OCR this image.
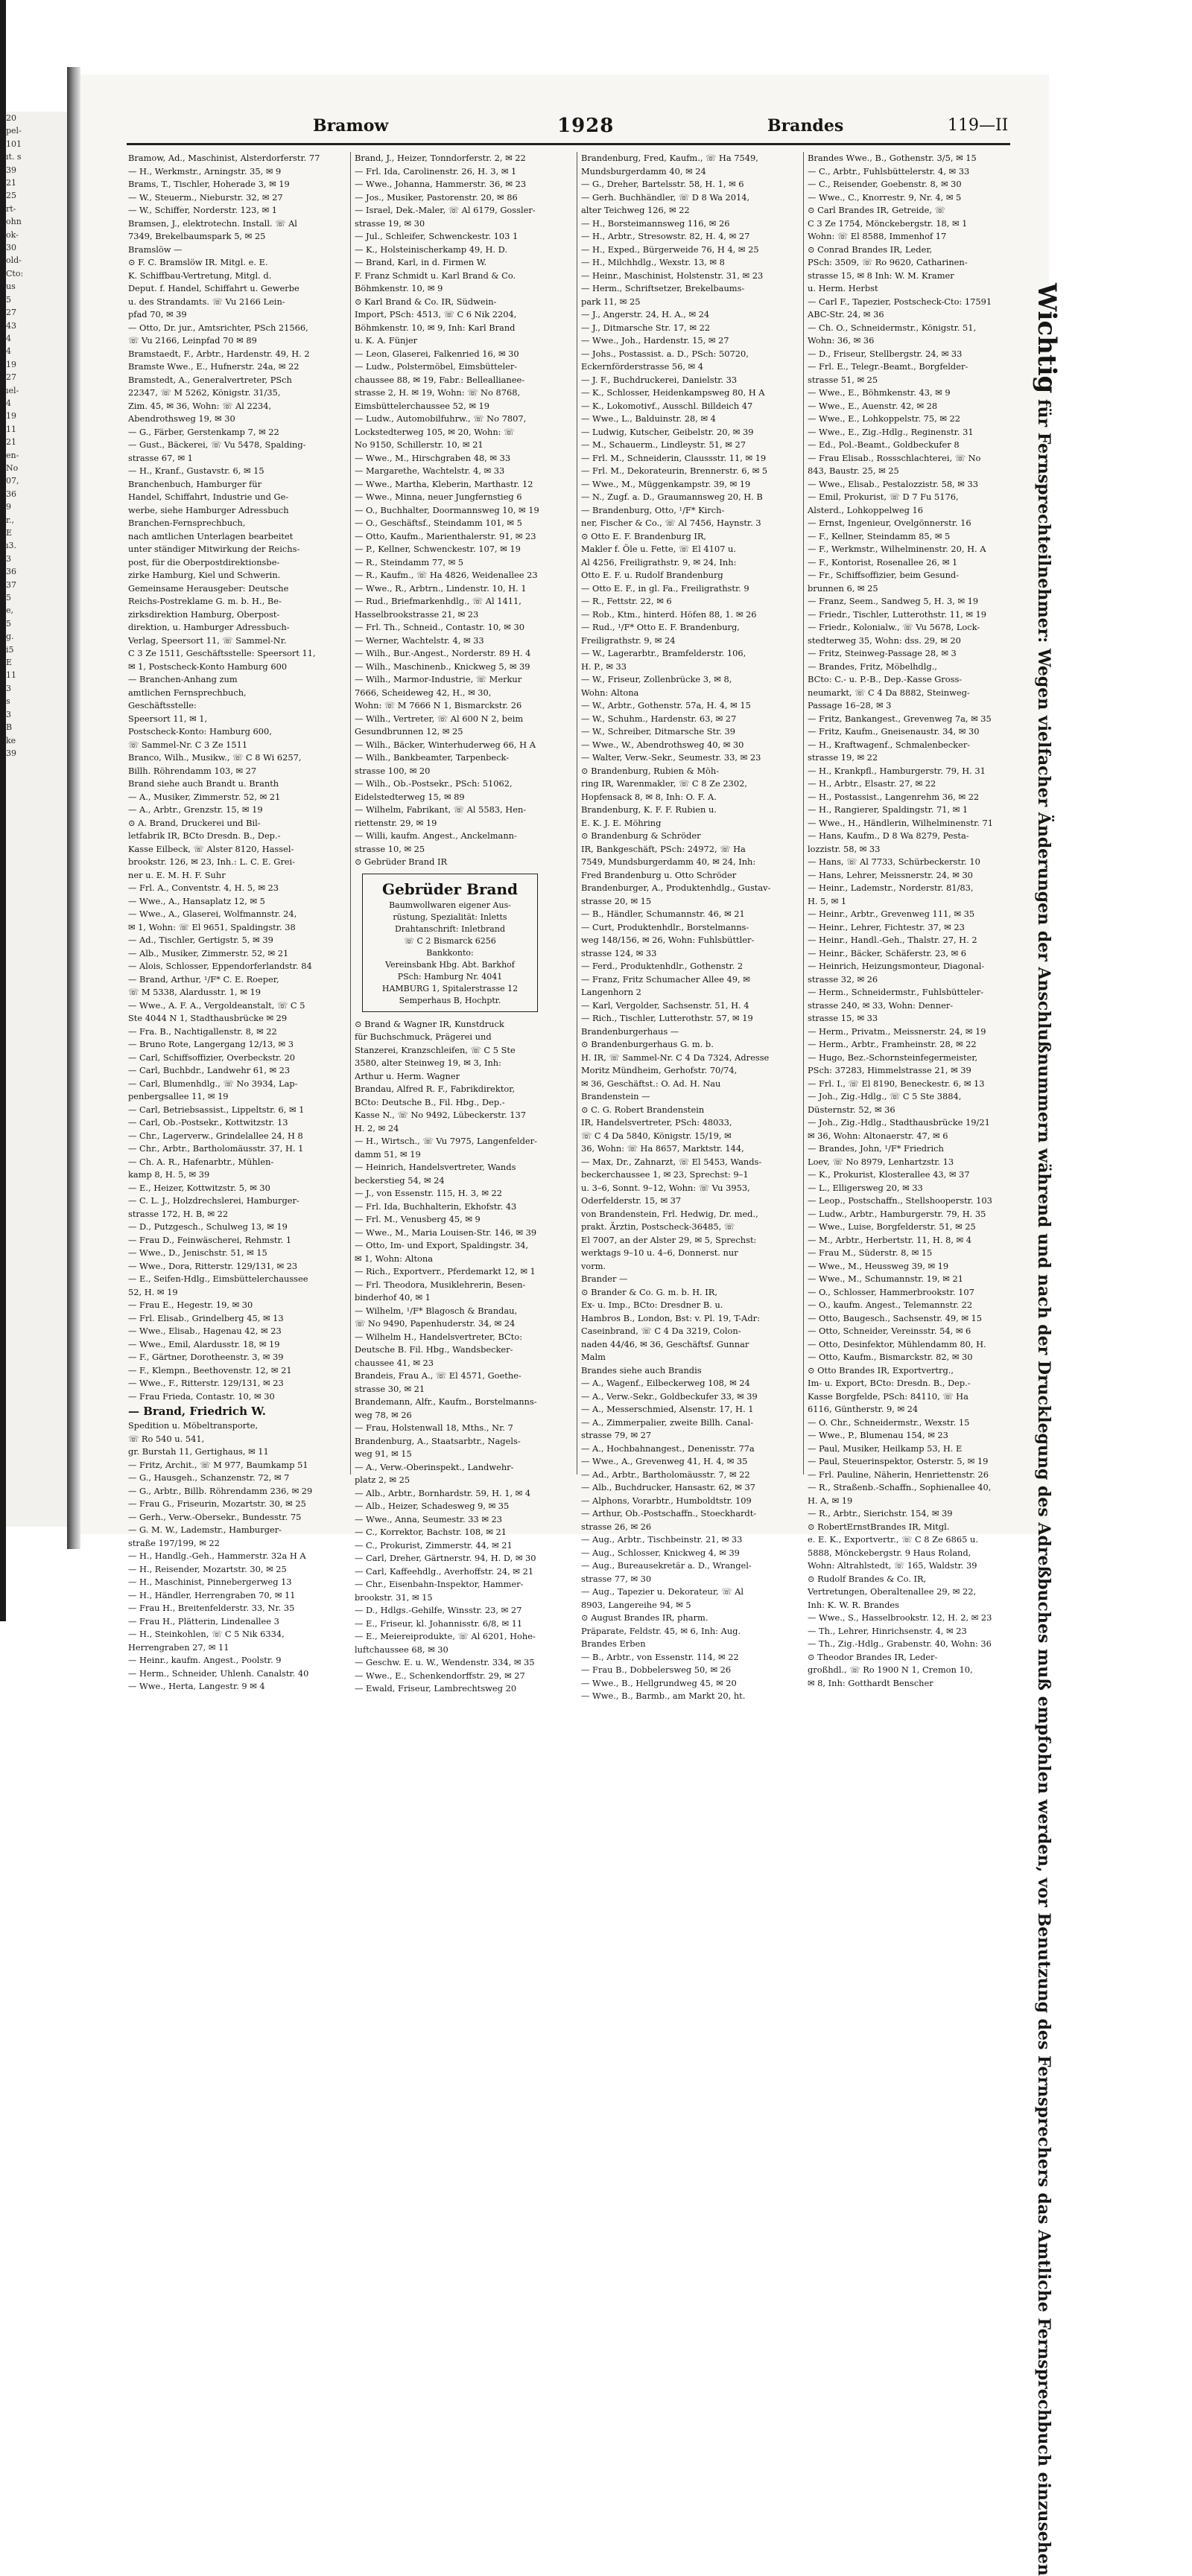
20
pel-
101
ıt. s
39
21
25
rt-
ohn
ok-
30
old-
Cto:
us
5
27
43
4
4
19
27
ıel-
4
19
11
21
en-
No
07,
36
9
r.,
E
ı3.
3
36
37
5
e,
5
g.
i5
E
11
3
s
3
B
ke
39
Bramow	1928	Brandes	119—II
Bramow, Ad., Maschinist, Alsterdorferstr. 77
— H., Werkmstr., Arningstr. 35, ✉ 9
Brams, T., Tischler, Hoherade 3, ✉ 19
— W., Steuerm., Nieburstr. 32, ✉ 27
— W., Schiffer, Norderstr. 123, ✉ 1
Bramsen, J., elektrotechn. Install. ☏ Al
7349, Brekelbaumspark 5, ✉ 25
Bramslöw —
⊙ F. C. Bramslöw IR. Mitgl. e. E.
K. Schiffbau-Vertretung, Mitgl. d.
Deput. f. Handel, Schiffahrt u. Gewerbe
u. des Strandamts. ☏ Vu 2166 Lein-
pfad 70, ✉ 39
— Otto, Dr. jur., Amtsrichter, PSch 21566,
☏ Vu 2166, Leinpfad 70 ✉ 89
Bramstaedt, F., Arbtr., Hardenstr. 49, H. 2
Bramste Wwe., E., Hufnerstr. 24a, ✉ 22
Bramstedt, A., Generalvertreter, PSch
22347, ☏ M 5262, Königstr. 31/35,
Zim. 45, ✉ 36, Wohn: ☏ Al 2234,
Abendrothsweg 19, ✉ 30
— G., Färber, Gerstenkamp 7, ✉ 22
— Gust., Bäckerei, ☏ Vu 5478, Spalding-
strasse 67, ✉ 1
— H., Kranf., Gustavstr. 6, ✉ 15
Branchenbuch, Hamburger für
Handel, Schiffahrt, Industrie und Ge-
werbe, siehe Hamburger Adressbuch
Branchen-Fernsprechbuch,
nach amtlichen Unterlagen bearbeitet
unter ständiger Mitwirkung der Reichs-
post, für die Oberpostdirektionsbe-
zirke Hamburg, Kiel und Schwerin.
Gemeinsame Herausgeber: Deutsche
Reichs-Postreklame G. m. b. H., Be-
zirksdirektion Hamburg, Oberpost-
direktion, u. Hamburger Adressbuch-
Verlag, Speersort 11, ☏ Sammel-Nr.
C 3 Ze 1511, Geschäftsstelle: Speersort 11,
✉ 1, Postscheck-Konto Hamburg 600
— Branchen-Anhang zum
amtlichen Fernsprechbuch,
Geschäftsstelle:
Speersort 11, ✉ 1,
Postscheck-Konto: Hamburg 600,
☏ Sammel-Nr. C 3 Ze 1511
Branco, Wilh., Musikw., ☏ C 8 Wi 6257,
Billh. Röhrendamm 103, ✉ 27
Brand siehe auch Brandt u. Branth
— A., Musiker, Zimmerstr. 52, ✉ 21
— A., Arbtr., Grenzstr. 15, ✉ 19
⊙ A. Brand, Druckerei und Bil-
letfabrik IR, BCto Dresdn. B., Dep.-
Kasse Eilbeck, ☏ Alster 8120, Hassel-
brookstr. 126, ✉ 23, Inh.: L. C. E. Grei-
ner u. E. M. H. F. Suhr
— Frl. A., Conventstr. 4, H. 5, ✉ 23
— Wwe., A., Hansaplatz 12, ✉ 5
— Wwe., A., Glaserei, Wolfmannstr. 24,
✉ 1, Wohn: ☏ El 9651, Spaldingstr. 38
— Ad., Tischler, Gertigstr. 5, ✉ 39
— Alb., Musiker, Zimmerstr. 52, ✉ 21
— Alois, Schlosser, Eppendorferlandstr. 84
— Brand, Arthur, ¹/F* C. E. Roeper,
☏ M 5338, Alardusstr. 1, ✉ 19
— Wwe., A. F. A., Vergoldeanstalt, ☏ C 5
Ste 4044 N 1, Stadthausbrücke ✉ 29
— Fra. B., Nachtigallenstr. 8, ✉ 22
— Bruno Rote, Langergang 12/13, ✉ 3
— Carl, Schiffsoffizier, Overbeckstr. 20
— Carl, Buchbdr., Landwehr 61, ✉ 23
— Carl, Blumenhdlg., ☏ No 3934, Lap-
penbergsallee 11, ✉ 19
— Carl, Betriebsassist., Lippeltstr. 6, ✉ 1
— Carl, Ob.-Postsekr., Kottwitzstr. 13
— Chr., Lagerverw., Grindelallee 24, H 8
— Chr., Arbtr., Bartholomäusstr. 37, H. 1
— Ch. A. R., Hafenarbtr., Mühlen-
kamp 8, H. 5, ✉ 39
— E., Heizer, Kottwitzstr. 5, ✉ 30
— C. L. J., Holzdrechslerei, Hamburger-
strasse 172, H. B, ✉ 22
— D., Putzgesch., Schulweg 13, ✉ 19
— Frau D., Feinwäscherei, Rehmstr. 1
— Wwe., D., Jenischstr. 51, ✉ 15
— Wwe., Dora, Ritterstr. 129/131, ✉ 23
— E., Seifen-Hdlg., Eimsbüttelerchaussee
52, H. ✉ 19
— Frau E., Hegestr. 19, ✉ 30
— Frl. Elisab., Grindelberg 45, ✉ 13
— Wwe., Elisab., Hagenau 42, ✉ 23
— Wwe., Emil, Alardusstr. 18, ✉ 19
— F., Gärtner, Dorotheenstr. 3, ✉ 39
— F., Klempn., Beethovenstr. 12, ✉ 21
— Wwe., F., Ritterstr. 129/131, ✉ 23
— Frau Frieda, Contastr. 10, ✉ 30
— Brand, Friedrich W.
Spedition u. Möbeltransporte,
☏ Ro 540 u. 541,
gr. Burstah 11, Gertighaus, ✉ 11
— Fritz, Archit., ☏ M 977, Baumkamp 51
— G., Hausgeh., Schanzenstr. 72, ✉ 7
— G., Arbtr., Billb. Röhrendamm 236, ✉ 29
— Frau G., Friseurin, Mozartstr. 30, ✉ 25
— Gerh., Verw.-Obersekr., Bundesstr. 75
— G. M. W., Lademstr., Hamburger-
straße 197/199, ✉ 22
— H., Handlg.-Geh., Hammerstr. 32a H A
— H., Reisender, Mozartstr. 30, ✉ 25
— H., Maschinist, Pinnebergerweg 13
— H., Händler, Herrengraben 70, ✉ 11
— Frau H., Breitenfelderstr. 33, Nr. 35
— Frau H., Plätterin, Lindenallee 3
— H., Steinkohlen, ☏ C 5 Nik 6334,
Herrengraben 27, ✉ 11
— Heinr., kaufm. Angest., Poolstr. 9
— Herm., Schneider, Uhlenh. Canalstr. 40
— Wwe., Herta, Langestr. 9 ✉ 4
Brand, J., Heizer, Tonndorferstr. 2, ✉ 22
— Frl. Ida, Carolinenstr. 26, H. 3, ✉ 1
— Wwe., Johanna, Hammerstr. 36, ✉ 23
— Jos., Musiker, Pastorenstr. 20, ✉ 86
— Israel, Dek.-Maler, ☏ Al 6179, Gossler-
strasse 19, ✉ 30
— Jul., Schleifer, Schwenckestr. 103 1
— K., Holsteinischerkamp 49, H. D.
— Brand, Karl, in d. Firmen W.
F. Franz Schmidt u. Karl Brand & Co.
Böhmkenstr. 10, ✉ 9
⊙ Karl Brand & Co. IR, Südwein-
Import, PSch: 4513, ☏ C 6 Nik 2204,
Böhmkenstr. 10, ✉ 9, Inh: Karl Brand
u. K. A. Fünjer
— Leon, Glaserei, Falkenried 16, ✉ 30
— Ludw., Polstermöbel, Eimsbütteler-
chaussee 88, ✉ 19, Fabr.: Belleallianee-
strasse 2, H. ✉ 19, Wohn: ☏ No 8768,
Eimsbüttelerchaussee 52, ✉ 19
— Ludw., Automobilfuhrw., ☏ No 7807,
Lockstedterweg 105, ✉ 20, Wohn: ☏
No 9150, Schillerstr. 10, ✉ 21
— Wwe., M., Hirschgraben 48, ✉ 33
— Margarethe, Wachtelstr. 4, ✉ 33
— Wwe., Martha, Kleberin, Marthastr. 12
— Wwe., Minna, neuer Jungfernstieg 6
— O., Buchhalter, Doormannsweg 10, ✉ 19
— O., Geschäftsf., Steindamm 101, ✉ 5
— Otto, Kaufm., Marienthalerstr. 91, ✉ 23
— P., Kellner, Schwenckestr. 107, ✉ 19
— R., Steindamm 77, ✉ 5
— R., Kaufm., ☏ Ha 4826, Weidenallee 23
— Wwe., R., Arbtrn., Lindenstr. 10, H. 1
— Rud., Briefmarkenhdlg., ☏ Al 1411,
Hasselbrookstrasse 21, ✉ 23
— Frl. Th., Schneid., Contastr. 10, ✉ 30
— Werner, Wachtelstr. 4, ✉ 33
— Wilh., Bur.-Angest., Norderstr. 89 H. 4
— Wilh., Maschinenb., Knickweg 5, ✉ 39
— Wilh., Marmor-Industrie, ☏ Merkur
7666, Scheideweg 42, H., ✉ 30,
Wohn: ☏ M 7666 N 1, Bismarckstr. 26
— Wilh., Vertreter, ☏ Al 600 N 2, beim
Gesundbrunnen 12, ✉ 25
— Wilh., Bäcker, Winterhuderweg 66, H A
— Wilh., Bankbeamter, Tarpenbeck-
strasse 100, ✉ 20
— Wilh., Ob.-Postsekr., PSch: 51062,
Eidelstedterweg 15, ✉ 89
— Wilhelm, Fabrikant, ☏ Al 5583, Hen-
riettenstr. 29, ✉ 19
— Willi, kaufm. Angest., Anckelmann-
strasse 10, ✉ 25
⊙ Gebrüder Brand IR
Gebrüder Brand
Baumwollwaren eigener Aus-
rüstung, Spezialität: Inletts
Drahtanschrift: Inletbrand
☏ C 2 Bismarck 6256
Bankkonto:
Vereinsbank Hbg. Abt. Barkhof
PSch: Hamburg Nr. 4041
HAMBURG 1, Spitalerstrasse 12
Semperhaus B, Hochptr.
⊙ Brand & Wagner IR, Kunstdruck
für Buchschmuck, Prägerei und
Stanzerei, Kranzschleifen, ☏ C 5 Ste
3580, alter Steinweg 19, ✉ 3, Inh:
Arthur u. Herm. Wagner
Brandau, Alfred R. F., Fabrikdirektor,
BCto: Deutsche B., Fil. Hbg., Dep.-
Kasse N., ☏ No 9492, Lübeckerstr. 137
H. 2, ✉ 24
— H., Wirtsch., ☏ Vu 7975, Langenfelder-
damm 51, ✉ 19
— Heinrich, Handelsvertreter, Wands
beckerstieg 54, ✉ 24
— J., von Essenstr. 115, H. 3, ✉ 22
— Frl. Ida, Buchhalterin, Ekhofstr. 43
— Frl. M., Venusberg 45, ✉ 9
— Wwe., M., Maria Louisen-Str. 146, ✉ 39
— Otto, Im- und Export, Spaldingstr. 34,
✉ 1, Wohn: Altona
— Rich., Exportverr., Pferdemarkt 12, ✉ 1
— Frl. Theodora, Musiklehrerin, Besen-
binderhof 40, ✉ 1
— Wilhelm, ¹/F* Blagosch & Brandau,
☏ No 9490, Papenhuderstr. 34, ✉ 24
— Wilhelm H., Handelsvertreter, BCto:
Deutsche B. Fil. Hbg., Wandsbecker-
chaussee 41, ✉ 23
Brandeis, Frau A., ☏ El 4571, Goethe-
strasse 30, ✉ 21
Brandemann, Alfr., Kaufm., Borstelmanns-
weg 78, ✉ 26
— Frau, Holstenwall 18, Mths., Nr. 7
Brandenburg, A., Staatsarbtr., Nagels-
weg 91, ✉ 15
— A., Verw.-Oberinspekt., Landwehr-
platz 2, ✉ 25
— Alb., Arbtr., Bornhardstr. 59, H. 1, ✉ 4
— Alb., Heizer, Schadesweg 9, ✉ 35
— Wwe., Anna, Seumestr. 33 ✉ 23
— C., Korrektor, Bachstr. 108, ✉ 21
— C., Prokurist, Zimmerstr. 44, ✉ 21
— Carl, Dreher, Gärtnerstr. 94, H. D, ✉ 30
— Carl, Kaffeehdlg., Averhoffstr. 24, ✉ 21
— Chr., Eisenbahn-Inspektor, Hammer-
brookstr. 31, ✉ 15
— D., Hdlgs.-Gehilfe, Winsstr. 23, ✉ 27
— E., Friseur, kl. Johannisstr. 6/8, ✉ 11
— E., Meiereiprodukte, ☏ Al 6201, Hohe-
luftchaussee 68, ✉ 30
— Geschw. E. u. W., Wendenstr. 334, ✉ 35
— Wwe., E., Schenkendorffstr. 29, ✉ 27
— Ewald, Friseur, Lambrechtsweg 20
Brandenburg, Fred, Kaufm., ☏ Ha 7549,
Mundsburgerdamm 40, ✉ 24
— G., Dreher, Bartelsstr. 58, H. 1, ✉ 6
— Gerh. Buchhändler, ☏ D 8 Wa 2014,
alter Teichweg 126, ✉ 22
— H., Borsteimannsweg 116, ✉ 26
— H., Arbtr., Stresowstr. 82, H. 4, ✉ 27
— H., Exped., Bürgerweide 76, H 4, ✉ 25
— H., Milchhdlg., Wexstr. 13, ✉ 8
— Heinr., Maschinist, Holstenstr. 31, ✉ 23
— Herm., Schriftsetzer, Brekelbaums-
park 11, ✉ 25
— J., Angerstr. 24, H. A., ✉ 24
— J., Ditmarsche Str. 17, ✉ 22
— Wwe., Joh., Hardenstr. 15, ✉ 27
— Johs., Postassist. a. D., PSch: 50720,
Eckernförderstrasse 56, ✉ 4
— J. F., Buchdruckerei, Danielstr. 33
— K., Schlosser, Heidenkampsweg 80, H A
— K., Lokomotivf., Ausschl. Billdeich 47
— Wwe., L., Balduinstr. 28, ✉ 4
— Ludwig, Kutscher, Geibelstr. 20, ✉ 39
— M., Schauerm., Lindleystr. 51, ✉ 27
— Frl. M., Schneiderin, Claussstr. 11, ✉ 19
— Frl. M., Dekorateurin, Brennerstr. 6, ✉ 5
— Wwe., M., Müggenkampstr. 39, ✉ 19
— N., Zugf. a. D., Graumannsweg 20, H. B
— Brandenburg, Otto, ¹/F* Kirch-
ner, Fischer & Co., ☏ Al 7456, Haynstr. 3
⊙ Otto E. F. Brandenburg IR,
Makler f. Öle u. Fette, ☏ El 4107 u.
Al 4256, Freiligrathstr. 9, ✉ 24, Inh:
Otto E. F. u. Rudolf Brandenburg
— Otto E. F., in gl. Fa., Freiligrathstr. 9
— R., Fettstr. 22, ✉ 6
— Rob., Ktm., hinterd. Höfen 88, 1. ✉ 26
— Rud., ¹/F* Otto E. F. Brandenburg,
Freiligrathstr. 9, ✉ 24
— W., Lagerarbtr., Bramfelderstr. 106,
H. P., ✉ 33
— W., Friseur, Zollenbrücke 3, ✉ 8,
Wohn: Altona
— W., Arbtr., Gothenstr. 57a, H. 4, ✉ 15
— W., Schuhm., Hardenstr. 63, ✉ 27
— W., Schreiber, Ditmarsche Str. 39
— Wwe., W., Abendrothsweg 40, ✉ 30
— Walter, Verw.-Sekr., Seumestr. 33, ✉ 23
⊙ Brandenburg, Rubien & Möh-
ring IR, Warenmakler, ☏ C 8 Ze 2302,
Hopfensack 8, ✉ 8, Inh: O. F. A.
Brandenburg, K. F. F. Rubien u.
E. K. J. E. Möhring
⊙ Brandenburg & Schröder
IR, Bankgeschäft, PSch: 24972, ☏ Ha
7549, Mundsburgerdamm 40, ✉ 24, Inh:
Fred Brandenburg u. Otto Schröder
Brandenburger, A., Produktenhdlg., Gustav-
strasse 20, ✉ 15
— B., Händler, Schumannstr. 46, ✉ 21
— Curt, Produktenhdlr., Borstelmanns-
weg 148/156, ✉ 26, Wohn: Fuhlsbüttler-
strasse 124, ✉ 33
— Ferd., Produktenhdlr., Gothenstr. 2
— Franz, Fritz Schumacher Allee 49, ✉
Langenhorn 2
— Karl, Vergolder, Sachsenstr. 51, H. 4
— Rich., Tischler, Lutterothstr. 57, ✉ 19
Brandenburgerhaus —
⊙ Brandenburgerhaus G. m. b.
H. IR, ☏ Sammel-Nr. C 4 Da 7324, Adresse
Moritz Mündheim, Gerhofstr. 70/74,
✉ 36, Geschäftst.: O. Ad. H. Nau
Brandenstein —
⊙ C. G. Robert Brandenstein
IR, Handelsvertreter, PSch: 48033,
☏ C 4 Da 5840, Königstr. 15/19, ✉
36, Wohn: ☏ Ha 8657, Marktstr. 144,
— Max, Dr., Zahnarzt, ☏ El 5453, Wands-
beckerchaussee 1, ✉ 23, Sprechst: 9–1
u. 3–6, Sonnt. 9–12, Wohn: ☏ Vu 3953,
Oderfelderstr. 15, ✉ 37
von Brandenstein, Frl. Hedwig, Dr. med.,
prakt. Ärztin, Postscheck-36485, ☏
El 7007, an der Alster 29, ✉ 5, Sprechst:
werktags 9–10 u. 4–6, Donnerst. nur
vorm.
Brander —
⊙ Brander & Co. G. m. b. H. IR,
Ex- u. Imp., BCto: Dresdner B. u.
Hambros B., London, Bst: v. Pl. 19, T-Adr:
Caseinbrand, ☏ C 4 Da 3219, Colon-
naden 44/46, ✉ 36, Geschäftsf. Gunnar
Malm
Brandes siehe auch Brandis
— A., Wagenf., Eilbeckerweg 108, ✉ 24
— A., Verw.-Sekr., Goldbeckufer 33, ✉ 39
— A., Messerschmied, Alsenstr. 17, H. 1
— A., Zimmerpalier, zweite Billh. Canal-
strasse 79, ✉ 27
— A., Hochbahnangest., Denenisstr. 77a
— Wwe., A., Grevenweg 41, H. 4, ✉ 35
— Ad., Arbtr., Bartholomäusstr. 7, ✉ 22
— Alb., Buchdrucker, Hansastr. 62, ✉ 37
— Alphons, Vorarbtr., Humboldtstr. 109
— Arthur, Ob.-Postschaffn., Stoeckhardt-
strasse 26, ✉ 26
— Aug., Arbtr., Tischbeinstr. 21, ✉ 33
— Aug., Schlosser, Knickweg 4, ✉ 39
— Aug., Bureausekretär a. D., Wrangel-
strasse 77, ✉ 30
— Aug., Tapezier u. Dekorateur, ☏ Al
8903, Langereihe 94, ✉ 5
⊙ August Brandes IR, pharm.
Präparate, Feldstr. 45, ✉ 6, Inh: Aug.
Brandes Erben
— B., Arbtr., von Essenstr. 114, ✉ 22
— Frau B., Dobbelersweg 50, ✉ 26
— Wwe., B., Hellgrundweg 45, ✉ 20
— Wwe., B., Barmb., am Markt 20, ht.
Brandes Wwe., B., Gothenstr. 3/5, ✉ 15
— C., Arbtr., Fuhlsbüttelerstr. 4, ✉ 33
— C., Reisender, Goebenstr. 8, ✉ 30
— Wwe., C., Knorrestr. 9, Nr. 4, ✉ 5
⊙ Carl Brandes IR, Getreide, ☏
C 3 Ze 1754, Mönckebergstr. 18, ✉ 1
Wohn: ☏ El 8588, Immenhof 17
⊙ Conrad Brandes IR, Leder,
PSch: 3509, ☏ Ro 9620, Catharinen-
strasse 15, ✉ 8 Inh: W. M. Kramer
u. Herm. Herbst
— Carl F., Tapezier, Postscheck-Cto: 17591
ABC-Str. 24, ✉ 36
— Ch. O., Schneidermstr., Königstr. 51,
Wohn: 36, ✉ 36
— D., Friseur, Stellbergstr. 24, ✉ 33
— Frl. E., Telegr.-Beamt., Borgfelder-
strasse 51, ✉ 25
— Wwe., E., Böhmkenstr. 43, ✉ 9
— Wwe., E., Auenstr. 42, ✉ 28
— Wwe., E., Lohkoppelstr. 75, ✉ 22
— Wwe., E., Zig.-Hdlg., Reginenstr. 31
— Ed., Pol.-Beamt., Goldbeckufer 8
— Frau Elisab., Rossschlachterei, ☏ No
843, Baustr. 25, ✉ 25
— Wwe., Elisab., Pestalozzistr. 58, ✉ 33
— Emil, Prokurist, ☏ D 7 Fu 5176,
Alsterd., Lohkoppelweg 16
— Ernst, Ingenieur, Ovelgönnerstr. 16
— F., Kellner, Steindamm 85, ✉ 5
— F., Werkmstr., Wilhelminenstr. 20, H. A
— F., Kontorist, Rosenallee 26, ✉ 1
— Fr., Schiffsoffizier, beim Gesund-
brunnen 6, ✉ 25
— Franz, Seem., Sandweg 5, H. 3, ✉ 19
— Friedr., Tischler, Lutterothstr. 11, ✉ 19
— Friedr., Kolonialw., ☏ Vu 5678, Lock-
stedterweg 35, Wohn: dss. 29, ✉ 20
— Fritz, Steinweg-Passage 28, ✉ 3
— Brandes, Fritz, Möbelhdlg.,
BCto: C.- u. P.-B., Dep.-Kasse Gross-
neumarkt, ☏ C 4 Da 8882, Steinweg-
Passage 16–28, ✉ 3
— Fritz, Bankangest., Grevenweg 7a, ✉ 35
— Fritz, Kaufm., Gneisenaustr. 34, ✉ 30
— H., Kraftwagenf., Schmalenbecker-
strasse 19, ✉ 22
— H., Krankpfl., Hamburgerstr. 79, H. 31
— H., Arbtr., Elsastr. 27, ✉ 22
— H., Postassist., Langenrehm 36, ✉ 22
— H., Rangierer, Spaldingstr. 71, ✉ 1
— Wwe., H., Händlerin, Wilhelminenstr. 71
— Hans, Kaufm., D 8 Wa 8279, Pesta-
lozzistr. 58, ✉ 33
— Hans, ☏ Al 7733, Schürbeckerstr. 10
— Hans, Lehrer, Meissnerstr. 24, ✉ 30
— Heinr., Lademstr., Norderstr. 81/83,
H. 5, ✉ 1
— Heinr., Arbtr., Grevenweg 111, ✉ 35
— Heinr., Lehrer, Fichtestr. 37, ✉ 23
— Heinr., Handl.-Geh., Thalstr. 27, H. 2
— Heinr., Bäcker, Schäferstr. 23, ✉ 6
— Heinrich, Heizungsmonteur, Diagonal-
strasse 32, ✉ 26
— Herm., Schneidermstr., Fuhlsbütteler-
strasse 240, ✉ 33, Wohn: Denner-
strasse 15, ✉ 33
— Herm., Privatm., Meissnerstr. 24, ✉ 19
— Herm., Arbtr., Framheinstr. 28, ✉ 22
— Hugo, Bez.-Schornsteinfegermeister,
PSch: 37283, Himmelstrasse 21, ✉ 39
— Frl. I., ☏ El 8190, Beneckestr. 6, ✉ 13
— Joh., Zig.-Hdlg., ☏ C 5 Ste 3884,
Düsternstr. 52, ✉ 36
— Joh., Zig.-Hdlg., Stadthausbrücke 19/21
✉ 36, Wohn: Altonaerstr. 47, ✉ 6
— Brandes, John, ¹/F* Friedrich
Loev, ☏ No 8979, Lenhartzstr. 13
— K., Prokurist, Klosterallee 43, ✉ 37
— L., Elligersweg 20, ✉ 33
— Leop., Postschaffn., Stellshooperstr. 103
— Ludw., Arbtr., Hamburgerstr. 79, H. 35
— Wwe., Luise, Borgfelderstr. 51, ✉ 25
— M., Arbtr., Herbertstr. 11, H. 8, ✉ 4
— Frau M., Süderstr. 8, ✉ 15
— Wwe., M., Heussweg 39, ✉ 19
— Wwe., M., Schumannstr. 19, ✉ 21
— O., Schlosser, Hammerbrookstr. 107
— O., kaufm. Angest., Telemannstr. 22
— Otto, Baugesch., Sachsenstr. 49, ✉ 15
— Otto, Schneider, Vereinsstr. 54, ✉ 6
— Otto, Desinfektor, Mühlendamm 80, H.
— Otto, Kaufm., Bismarckstr. 82, ✉ 30
⊙ Otto Brandes IR, Exportvertrg.,
Im- u. Export, BCto: Dresdn. B., Dep.-
Kasse Borgfelde, PSch: 84110, ☏ Ha
6116, Güntherstr. 9, ✉ 24
— O. Chr., Schneidermstr., Wexstr. 15
— Wwe., P., Blumenau 154, ✉ 23
— Paul, Musiker, Heilkamp 53, H. E
— Paul, Steuerinspektor, Osterstr. 5, ✉ 19
— Frl. Pauline, Näherin, Henriettenstr. 26
— R., Straßenb.-Schaffn., Sophienallee 40,
H. A, ✉ 19
— R., Arbtr., Sierichstr. 154, ✉ 39
⊙ RobertErnstBrandes IR, Mitgl.
e. E. K., Exportvertr., ☏ C 8 Ze 6865 u.
5888, Mönckebergstr. 9 Haus Roland,
Wohn: Altrahlstedt, ☏ 165, Waldstr. 39
⊙ Rudolf Brandes & Co. IR,
Vertretungen, Oberaltenallee 29, ✉ 22,
Inh: K. W. R. Brandes
— Wwe., S., Hasselbrookstr. 12, H. 2, ✉ 23
— Th., Lehrer, Hinrichsenstr. 4, ✉ 23
— Th., Zig.-Hdlg., Grabenstr. 40, Wohn: 36
⊙ Theodor Brandes IR, Leder-
großhdl., ☏ Ro 1900 N 1, Cremon 10,
✉ 8, Inh: Gotthardt Benscher
Wichtig für Fernsprechteilnehmer: Wegen vielfacher Änderungen der Anschlußnummern während und nach der Drucklegung des Adreßbuches muß empfohlen werden, vor Benutzung des Fernsprechers das Amtliche Fernsprechbuch einzusehen
